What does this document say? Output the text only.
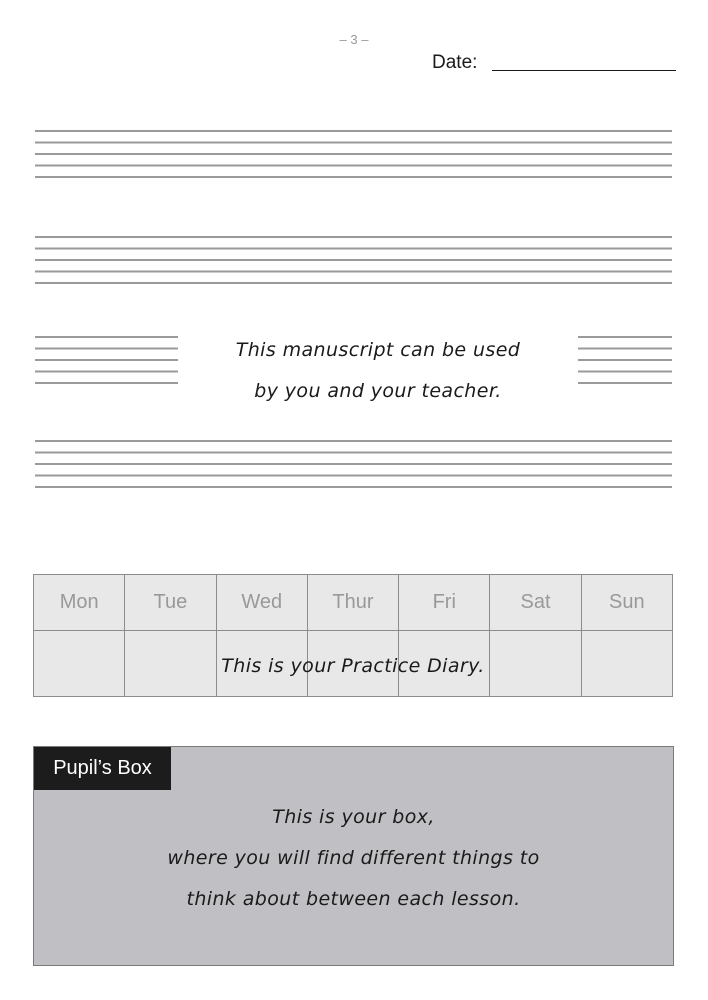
– 3 –
Date:
This manuscript can be used
by you and your teacher.
Mon	Tue	Wed	Thur	Fri	Sat	Sun
This is your Practice Diary.
Pupil’s Box
This is your box,
where you will find different things to
think about between each lesson.
